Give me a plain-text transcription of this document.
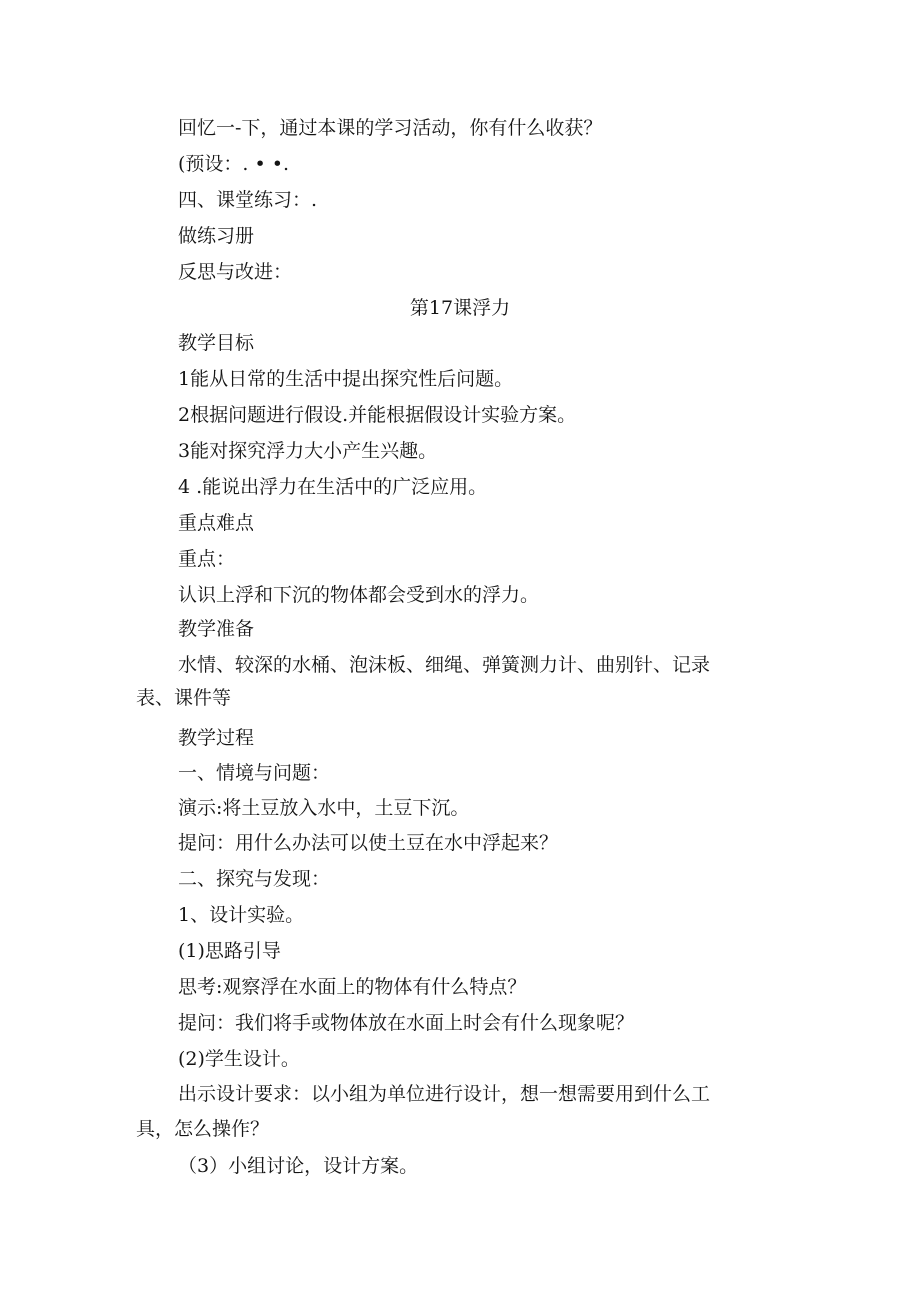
回忆一-下，通过本课的学习活动，你有什么收获？
(预设：. • •.
四、课堂练习：.
做练习册
反思与改进：
第17课浮力
教学目标
1能从日常的生活中提出探究性后问题。
2根据问题进行假设.并能根据假设计实验方案。
3能对探究浮力大小产生兴趣。
4 .能说出浮力在生活中的广泛应用。
重点难点
重点：
认识上浮和下沉的物体都会受到水的浮力。
教学准备
水情、较深的水桶、泡沫板、细绳、弹簧测力计、曲别针、记录
表、课件等
教学过程
一、情境与问题：
演示:将土豆放入水中，土豆下沉。
提问：用什么办法可以使土豆在水中浮起来？
二、探究与发现：
1、设计实验。
(1)思路引导
思考:观察浮在水面上的物体有什么特点？
提问：我们将手或物体放在水面上时会有什么现象呢？
(2)学生设计。
出示设计要求：以小组为单位进行设计，想一想需要用到什么工
具，怎么操作？
（3）小组讨论，设计方案。
